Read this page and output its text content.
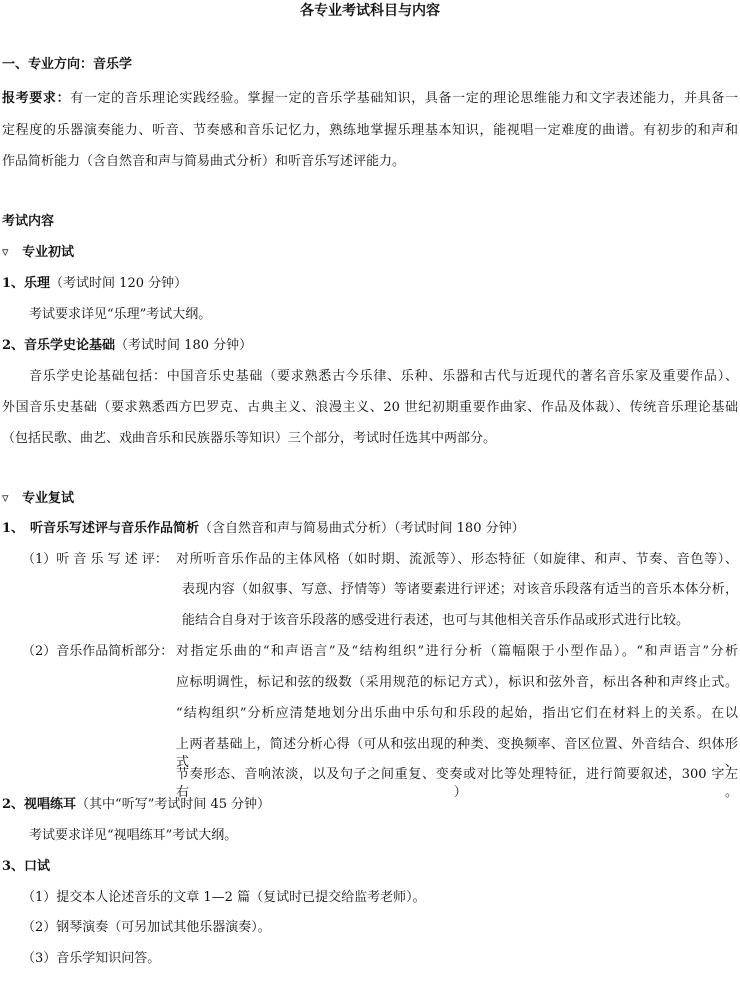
各专业考试科目与内容
一、专业方向：音乐学
报考要求：有一定的音乐理论实践经验。掌握一定的音乐学基础知识，具备一定的理论思维能力和文字表述能力，并具备一
定程度的乐器演奏能力、听音、节奏感和音乐记忆力，熟练地掌握乐理基本知识，能视唱一定难度的曲谱。有初步的和声和
作品简析能力（含自然音和声与简易曲式分析）和听音乐写述评能力。
考试内容
▿ 专业初试
1、乐理（考试时间 120 分钟）
考试要求详见“乐理”考试大纲。
2、音乐学史论基础（考试时间 180 分钟）
音乐学史论基础包括：中国音乐史基础（要求熟悉古今乐律、乐种、乐器和古代与近现代的著名音乐家及重要作品）、
外国音乐史基础（要求熟悉西方巴罗克、古典主义、浪漫主义、20 世纪初期重要作曲家、作品及体裁）、传统音乐理论基础
（包括民歌、曲艺、戏曲音乐和民族器乐等知识）三个部分，考试时任选其中两部分。
▿ 专业复试
1、 听音乐写述评与音乐作品简析（含自然音和声与简易曲式分析）（考试时间 180 分钟）
（1）听 音 乐 写 述 评： 对所听音乐作品的主体风格（如时期、流派等）、形态特征（如旋律、和声、节奏、音色等）、
表现内容（如叙事、写意、抒情等）等诸要素进行评述；对该音乐段落有适当的音乐本体分析，
能结合自身对于该音乐段落的感受进行表述，也可与其他相关音乐作品或形式进行比较。
（2）音乐作品简析部分： 对指定乐曲的“和声语言”及“结构组织”进行分析（篇幅限于小型作品）。“和声语言”分析
应标明调性，标记和弦的级数（采用规范的标记方式），标识和弦外音，标出各种和声终止式。
“结构组织”分析应清楚地划分出乐曲中乐句和乐段的起始，指出它们在材料上的关系。在以
上两者基础上，简述分析心得（可从和弦出现的种类、变换频率、音区位置、外音结合、织体形式、
节奏形态、音响浓淡，以及句子之间重复、变奏或对比等处理特征，进行简要叙述，300 字左右）。
2、视唱练耳（其中“听写”考试时间 45 分钟）
考试要求详见“视唱练耳”考试大纲。
3、口试
（1）提交本人论述音乐的文章 1—2 篇（复试时已提交给监考老师）。
（2）钢琴演奏（可另加试其他乐器演奏）。
（3）音乐学知识问答。
